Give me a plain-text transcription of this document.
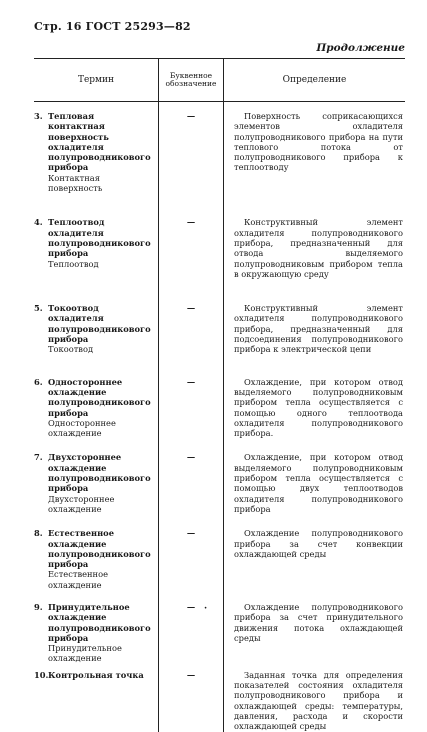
Стр. 16 ГОСТ 25293—82
Продолжение
Термин	Буквенное обозначение	Определение
3. Тепловая контактная поверхность охладителя полупроводникового прибора
Контактная поверхность	—	Поверхность соприкасающихся элементов охладителя полупроводникового прибора на пути теплового потока от полупроводникового прибора к теплоотводу

4. Теплоотвод охладителя полупроводникового прибора
Теплоотвод	—	Конструктивный элемент охладителя полупроводникового прибора, предназначенный для отвода выделяемого полупроводниковым прибором тепла в окружающую среду

5. Токоотвод охладителя полупроводникового прибора
Токоотвод	—	Конструктивный элемент охладителя полупроводникового прибора, предназначенный для подсоединения полупроводникового прибора к электрической цепи

6. Одностороннее охлаждение полупроводникового прибора
Одностороннее охлаждение	—	Охлаждение, при котором отвод выделяемого полупроводниковым прибором тепла осуществляется с помощью одного теплоотвода охладителя полупроводникового прибора.

7. Двухстороннее охлаждение полупроводникового прибора
Двухстороннее охлаждение	—	Охлаждение, при котором отвод выделяемого полупроводниковым прибором тепла осуществляется с помощью двух теплоотводов охладителя полупроводникового прибора

8. Естественное охлаждение полупроводникового прибора
Естественное охлаждение	—	Охлаждение полупроводникового прибора за счет конвекции охлаждающей среды

9. Принудительное охлаждение полупроводникового прибора
Принудительное охлаждение	—	Охлаждение полупроводникового прибора за счет принудительного движения потока охлаждающей среды

10. Контрольная точка	—	Заданная точка для определения показателей состояния охладителя полупроводникового прибора и охлаждающей среды: температуры, давления, расхода и скорости охлаждающей среды
·
